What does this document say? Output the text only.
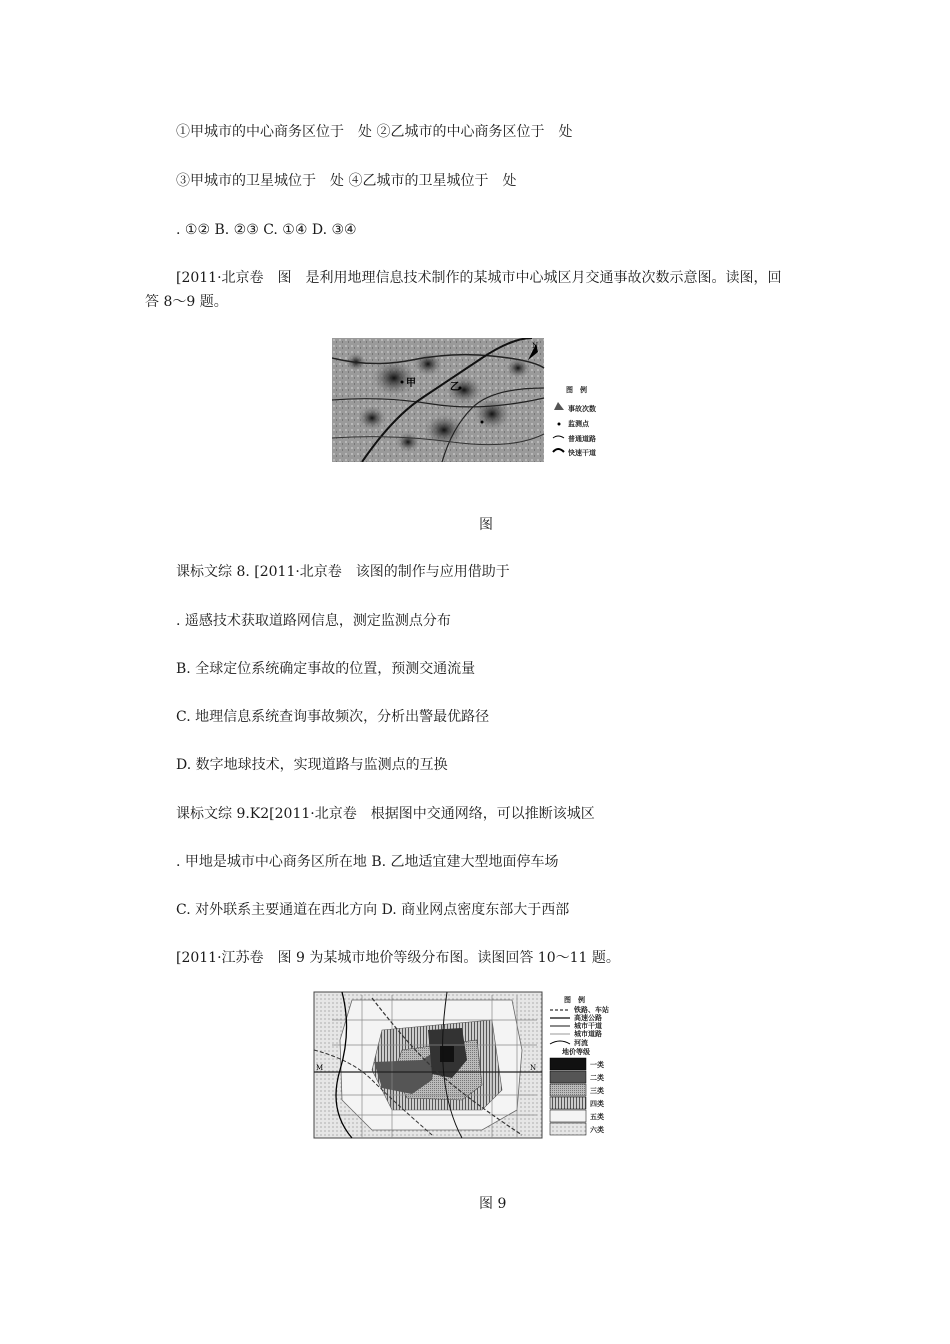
①甲城市的中心商务区位于　处 ②乙城市的中心商务区位于　处
③甲城市的卫星城位于　处 ④乙城市的卫星城位于　处
. ①② B. ②③ C. ①④ D. ③④
[2011·北京卷　图　是利用地理信息技术制作的某城市中心城区月交通事故次数示意图。读图，回
答 8～9 题。
甲	乙
N
图　例
事故次数
监测点
普通道路
快速干道
图
课标文综 8. [2011·北京卷　该图的制作与应用借助于
. 遥感技术获取道路网信息，测定监测点分布
B. 全球定位系统确定事故的位置，预测交通流量
C. 地理信息系统查询事故频次，分析出警最优路径
D. 数字地球技术，实现道路与监测点的互换
课标文综 9.K2[2011·北京卷　根据图中交通网络，可以推断该城区
. 甲地是城市中心商务区所在地 B. 乙地适宜建大型地面停车场
C. 对外联系主要通道在西北方向 D. 商业网点密度东部大于西部
[2011·江苏卷　图 9 为某城市地价等级分布图。读图回答 10～11 题。
M	N
图　例
铁路、车站
高速公路
城市干道
城市道路
河流
地价等级
一类
二类
三类
四类
五类
六类
图 9
